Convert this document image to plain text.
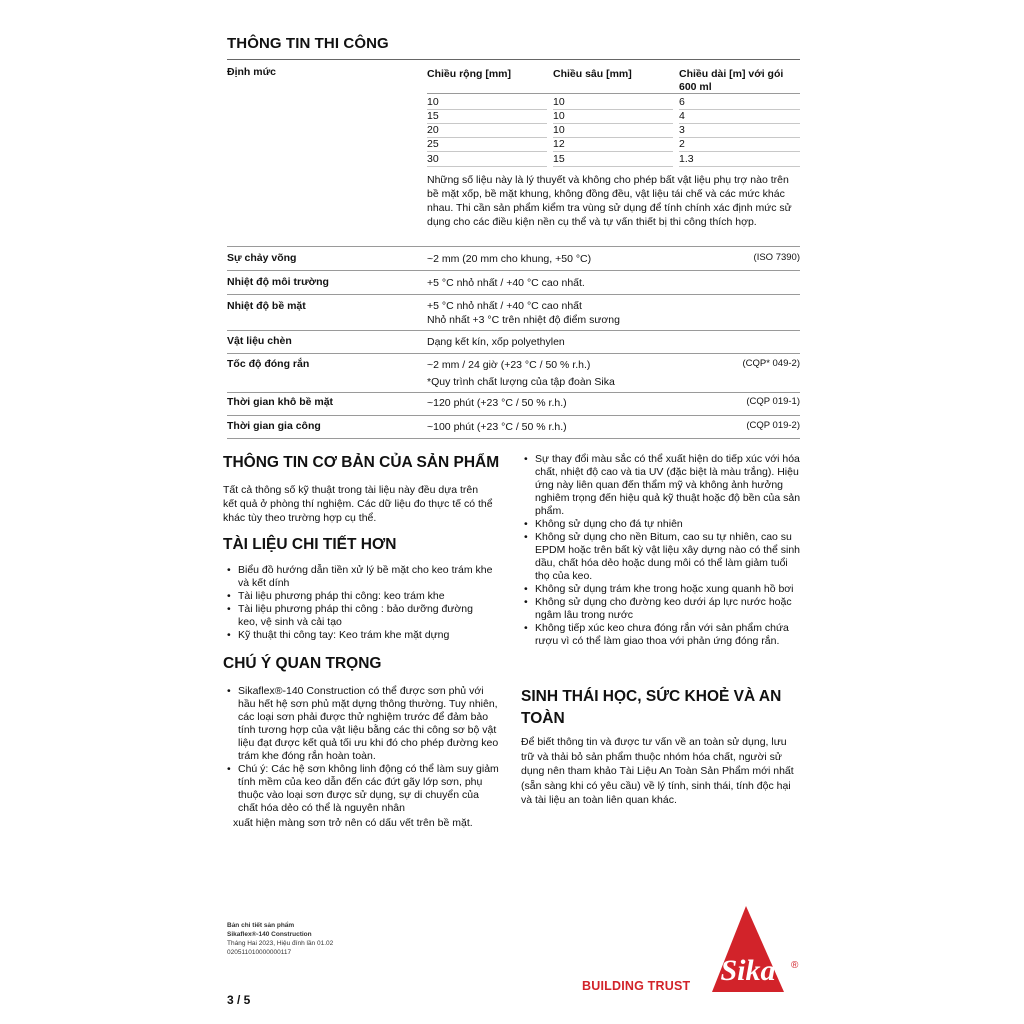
THÔNG TIN THI CÔNG
Định mức	Chiều rộng [mm]	Chiều sâu [mm]	Chiều dài [m] với gói 600 ml
10	10	6
15	10	4
20	10	3
25	12	2
30	15	1.3
Những số liệu này là lý thuyết và không cho phép bất vật liệu phụ trợ nào trên bề mặt xốp, bề mặt khung, không đồng đều, vật liệu tái chế và các mức khác nhau. Thi cần sản phẩm kiểm tra vùng sử dụng để tính chính xác định mức sử dụng cho các điều kiện nền cụ thể và tự vấn thiết bị thi công thích hợp.
Sự chảy võng	~2 mm (20 mm cho khung, +50 °C)	(ISO 7390)
Nhiệt độ môi trường	+5 °C nhỏ nhất / +40 °C cao nhất.
Nhiệt độ bề mặt	+5 °C nhỏ nhất / +40 °C cao nhất
Nhỏ nhất +3 °C trên nhiệt độ điểm sương
Vật liệu chèn	Dạng kết kín, xốp polyethylen
Tốc độ đóng rắn	~2 mm / 24 giờ (+23 °C / 50 % r.h.)	(CQP* 049-2)
*Quy trình chất lượng của tập đoàn Sika
Thời gian khô bề mặt	~120 phút (+23 °C / 50 % r.h.)	(CQP 019-1)
Thời gian gia công	~100 phút (+23 °C / 50 % r.h.)	(CQP 019-2)
THÔNG TIN CƠ BẢN CỦA SẢN PHẨM
Tất cả thông số kỹ thuật trong tài liệu này đều dựa trên kết quả ở phòng thí nghiệm. Các dữ liệu đo thực tế có thể khác tùy theo trường hợp cụ thể.
TÀI LIỆU CHI TIẾT HƠN
• Biểu đồ hướng dẫn tiền xử lý bề mặt cho keo trám khe và kết dính
• Tài liệu phương pháp thi công: keo trám khe
• Tài liệu phương pháp thi công : bảo dưỡng đường keo, vệ sinh và cải tạo
• Kỹ thuật thi công tay: Keo trám khe mặt dựng
CHÚ Ý QUAN TRỌNG
• Sikaflex®-140 Construction có thể được sơn phủ với hầu hết hệ sơn phủ mặt dựng thông thường. Tuy nhiên, các loại sơn phải được thử nghiệm trước để đảm bảo tính tương hợp của vật liệu bằng các thi công sơ bộ vật liệu đạt được kết quả tối ưu khi đó cho phép đường keo trám khe đóng rắn hoàn toàn.
• Chú ý: Các hệ sơn không linh động có thể làm suy giảm tính mềm của keo dẫn đến các đứt gãy lớp sơn, phụ thuộc vào loại sơn được sử dụng, sự di chuyển của chất hóa dẻo có thể là nguyên nhân
xuất hiện màng sơn trở nên có dấu vết trên bề mặt.
• Sự thay đổi màu sắc có thể xuất hiện do tiếp xúc với hóa chất, nhiệt độ cao và tia UV (đặc biệt là màu trắng). Hiệu ứng này liên quan đến thẩm mỹ và không ảnh hưởng nghiêm trọng đến hiệu quả kỹ thuật hoặc độ bền của sản phẩm.
• Không sử dụng cho đá tự nhiên
• Không sử dụng cho nền Bitum, cao su tự nhiên, cao su EPDM hoặc trên bất kỳ vật liệu xây dựng nào có thể sinh dầu, chất hóa dẻo hoặc dung môi có thể làm giảm tuổi thọ của keo.
• Không sử dụng trám khe trong hoặc xung quanh hồ bơi
• Không sử dụng cho đường keo dưới áp lực nước hoặc ngâm lâu trong nước
• Không tiếp xúc keo chưa đóng rắn với sản phẩm chứa rượu vì có thể làm giao thoa với phản ứng đóng rắn.
SINH THÁI HỌC, SỨC KHOẺ VÀ AN
TOÀN
Để biết thông tin và được tư vấn về an toàn sử dụng, lưu trữ và thải bỏ sản phẩm thuộc nhóm hóa chất, người sử dụng nên tham khảo Tài Liệu An Toàn Sản Phẩm mới nhất (sẵn sàng khi có yêu cầu) về lý tính, sinh thái, tính độc hại và tài liệu an toàn liên quan khác.
Bản chi tiết sản phẩm
Sikaflex®-140 Construction
Tháng Hai 2023, Hiệu đính lần 01.02
020511010000000117
3 / 5
BUILDING TRUST Sika ®
